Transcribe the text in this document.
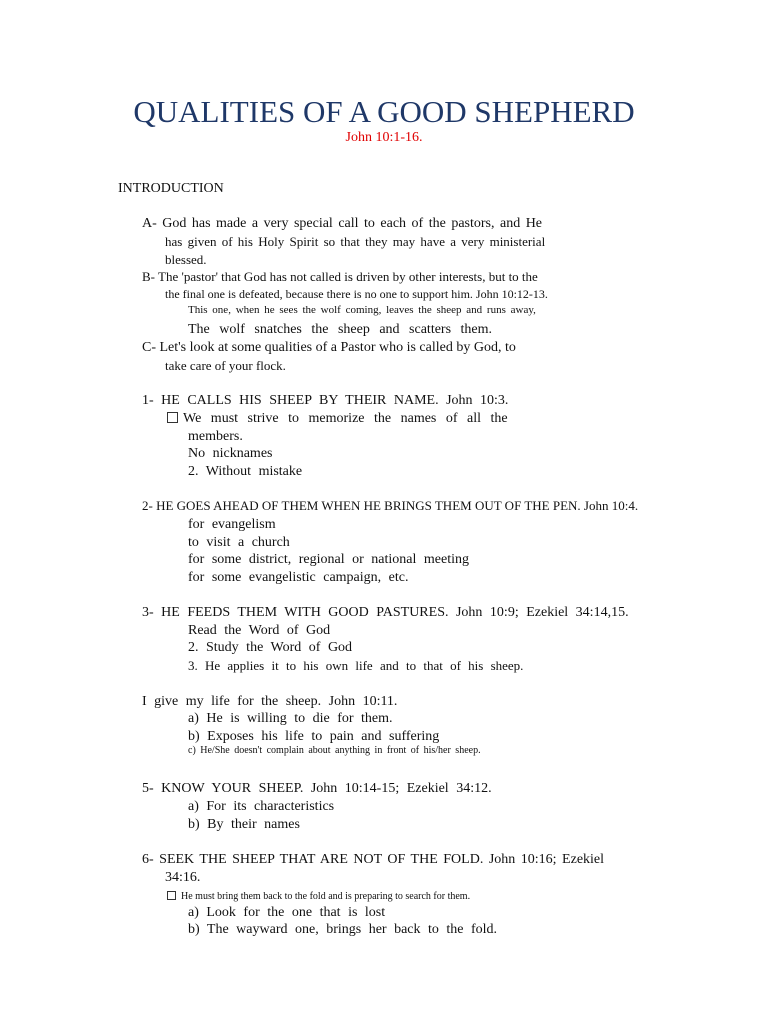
QUALITIES OF A GOOD SHEPHERD
John 10:1-16.
INTRODUCTION
A- God has made a very special call to each of the pastors, and He
has given of his Holy Spirit so that they may have a very ministerial
blessed.
B- The 'pastor' that God has not called is driven by other interests, but to the
the final one is defeated, because there is no one to support him. John 10:12-13.
This one, when he sees the wolf coming, leaves the sheep and runs away,
The wolf snatches the sheep and scatters them.
C- Let's look at some qualities of a Pastor who is called by God, to
take care of your flock.
1- HE CALLS HIS SHEEP BY THEIR NAME. John 10:3.
We must strive to memorize the names of all the
members.
No nicknames
2. Without mistake
2- HE GOES AHEAD OF THEM WHEN HE BRINGS THEM OUT OF THE PEN. John 10:4.
for evangelism
to visit a church
for some district, regional or national meeting
for some evangelistic campaign, etc.
3- HE FEEDS THEM WITH GOOD PASTURES. John 10:9; Ezekiel 34:14,15.
Read the Word of God
2. Study the Word of God
3. He applies it to his own life and to that of his sheep.
I give my life for the sheep. John 10:11.
a) He is willing to die for them.
b) Exposes his life to pain and suffering
c) He/She doesn't complain about anything in front of his/her sheep.
5- KNOW YOUR SHEEP. John 10:14-15; Ezekiel 34:12.
a) For its characteristics
b) By their names
6- SEEK THE SHEEP THAT ARE NOT OF THE FOLD. John 10:16; Ezekiel
34:16.
He must bring them back to the fold and is preparing to search for them.
a) Look for the one that is lost
b) The wayward one, brings her back to the fold.
